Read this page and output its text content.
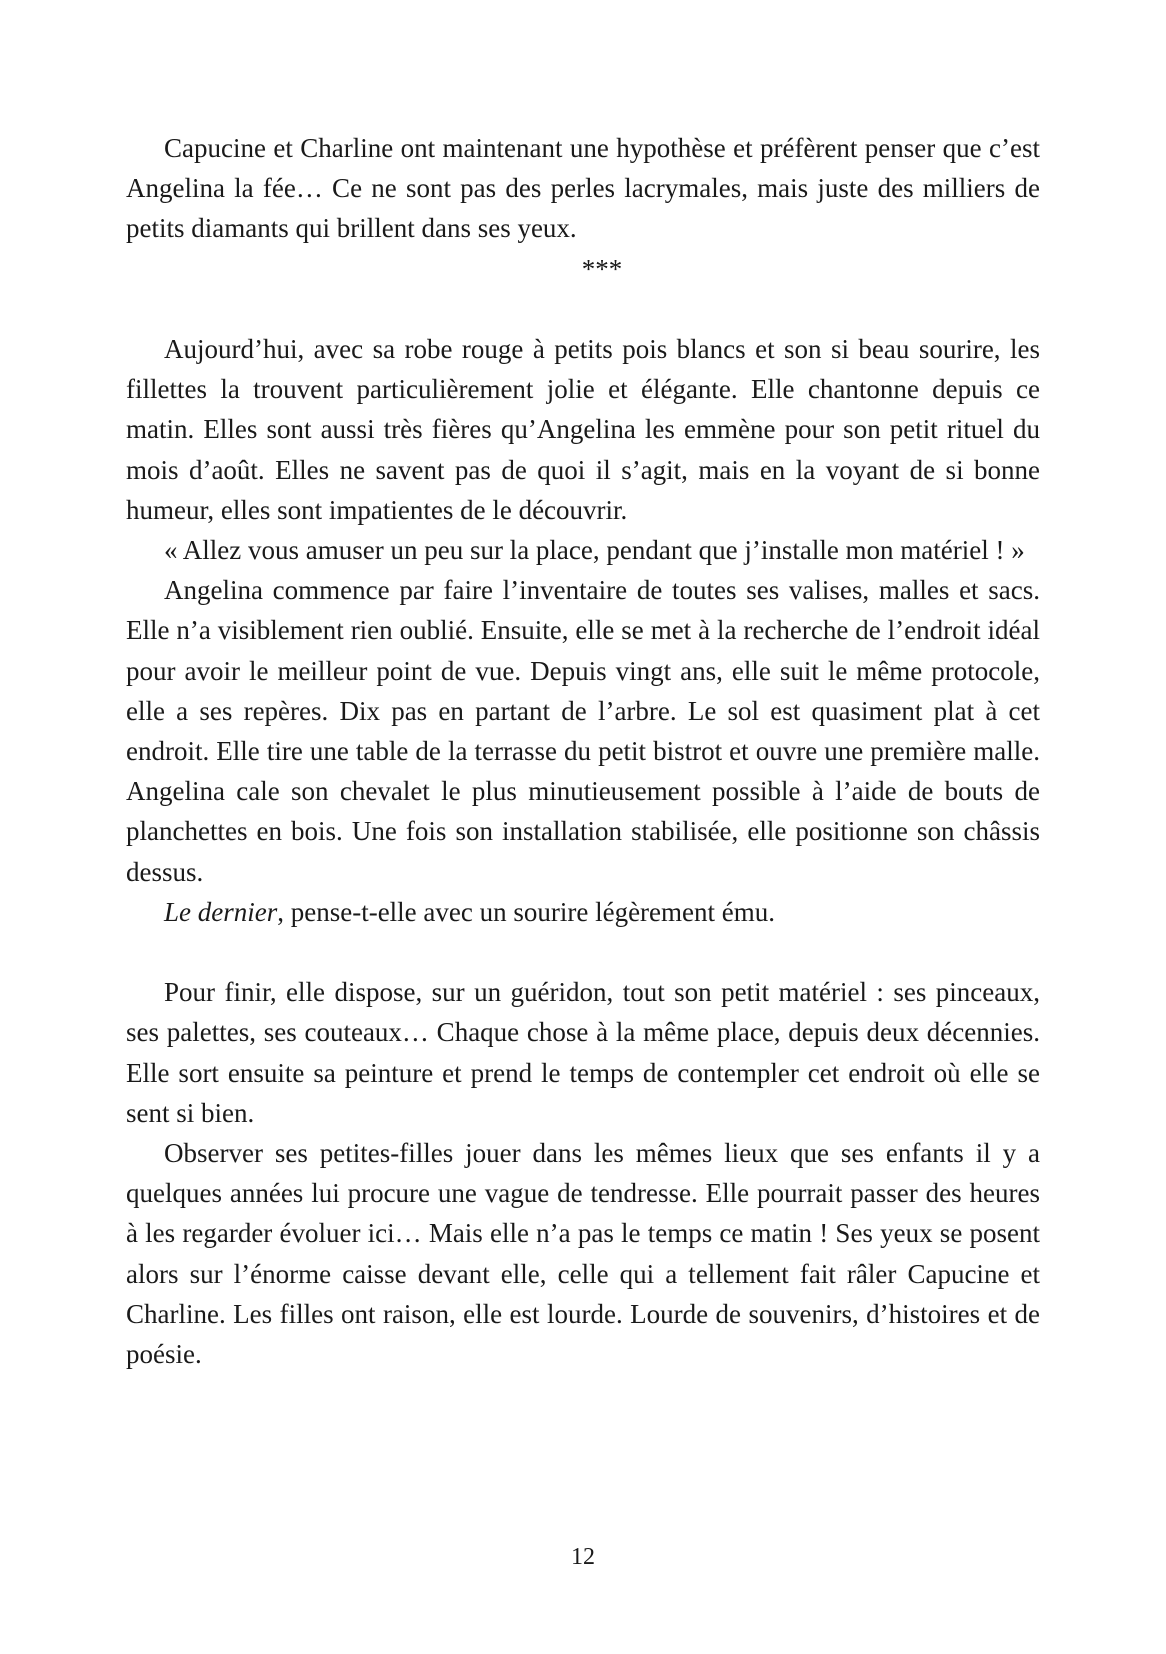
Capucine et Charline ont maintenant une hypothèse et préfèrent penser que c’est Angelina la fée… Ce ne sont pas des perles lacrymales, mais juste des milliers de petits diamants qui brillent dans ses yeux.

***

Aujourd’hui, avec sa robe rouge à petits pois blancs et son si beau sourire, les fillettes la trouvent particulièrement jolie et élégante. Elle chantonne depuis ce matin. Elles sont aussi très fières qu’Angelina les emmène pour son petit rituel du mois d’août. Elles ne savent pas de quoi il s’agit, mais en la voyant de si bonne humeur, elles sont impatientes de le découvrir.

« Allez vous amuser un peu sur la place, pendant que j’installe mon matériel ! »

Angelina commence par faire l’inventaire de toutes ses valises, malles et sacs. Elle n’a visiblement rien oublié. Ensuite, elle se met à la recherche de l’endroit idéal pour avoir le meilleur point de vue. Depuis vingt ans, elle suit le même protocole, elle a ses repères. Dix pas en partant de l’arbre. Le sol est quasiment plat à cet endroit. Elle tire une table de la terrasse du petit bistrot et ouvre une première malle. Angelina cale son chevalet le plus minutieusement possible à l’aide de bouts de planchettes en bois. Une fois son installation stabilisée, elle positionne son châssis dessus.

Le dernier, pense-t-elle avec un sourire légèrement ému.

Pour finir, elle dispose, sur un guéridon, tout son petit matériel : ses pinceaux, ses palettes, ses couteaux… Chaque chose à la même place, depuis deux décennies. Elle sort ensuite sa peinture et prend le temps de contempler cet endroit où elle se sent si bien.

Observer ses petites-filles jouer dans les mêmes lieux que ses enfants il y a quelques années lui procure une vague de tendresse. Elle pourrait passer des heures à les regarder évoluer ici… Mais elle n’a pas le temps ce matin ! Ses yeux se posent alors sur l’énorme caisse devant elle, celle qui a tellement fait râler Capucine et Charline. Les filles ont raison, elle est lourde. Lourde de souvenirs, d’histoires et de poésie.

12
